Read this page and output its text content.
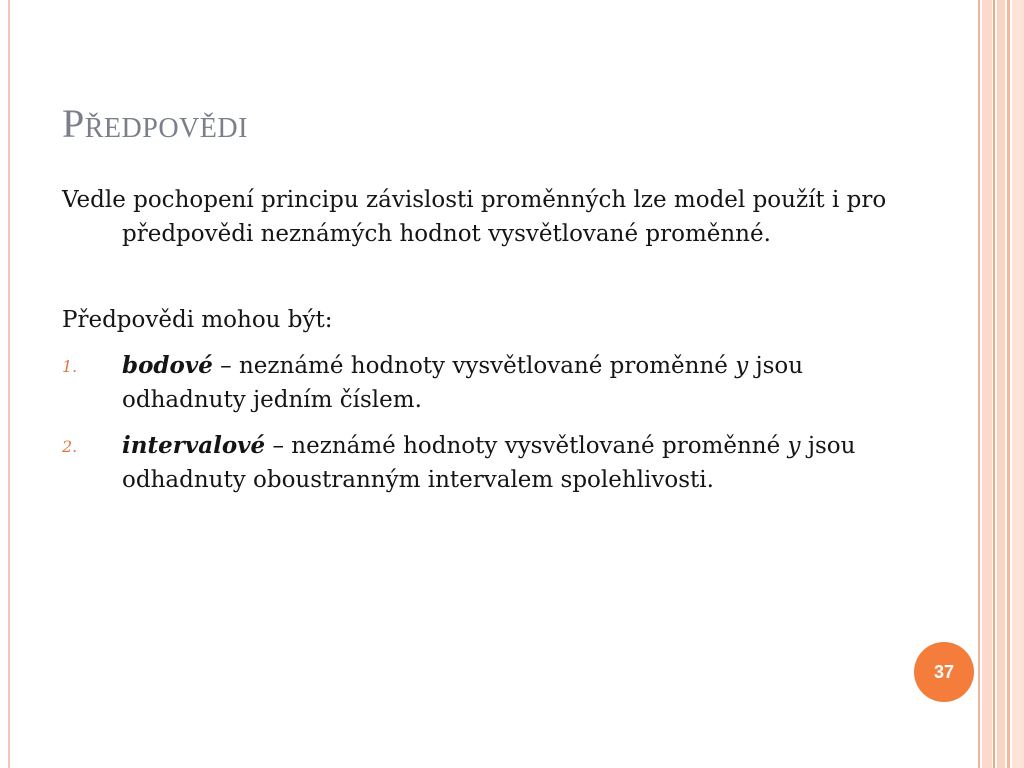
Předpovědi

Vedle pochopení principu závislosti proměnných lze model použít i pro předpovědi neznámých hodnot vysvětlované proměnné.

Předpovědi mohou být:

1. bodové – neznámé hodnoty vysvětlované proměnné y jsou odhadnuty jedním číslem.
2. intervalové – neznámé hodnoty vysvětlované proměnné y jsou odhadnuty oboustranným intervalem spolehlivosti.
37
